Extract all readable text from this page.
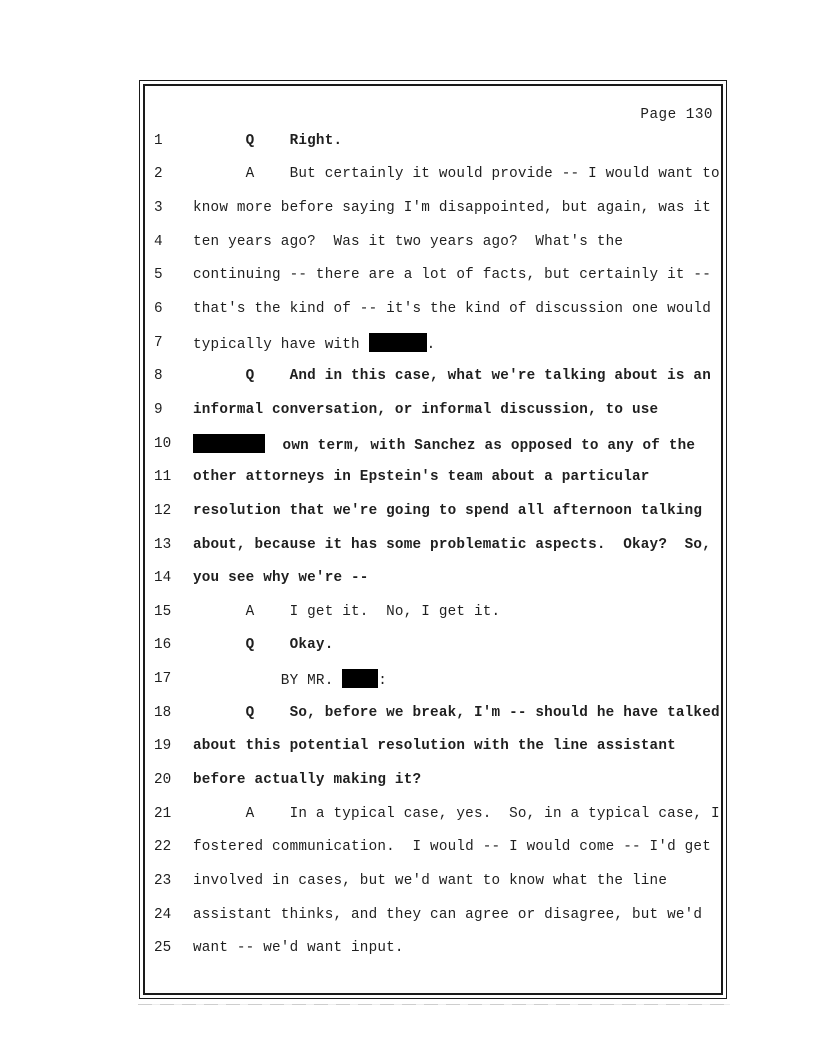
Page 130
1	Q    Right.
2	A    But certainly it would provide -- I would want to
3	know more before saying I'm disappointed, but again, was it
4	ten years ago?  Was it two years ago?  What's the
5	continuing -- there are a lot of facts, but certainly it --
6	that's the kind of -- it's the kind of discussion one would
7	typically have with	.
8	Q    And in this case, what we're talking about is an
9	informal conversation, or informal discussion, to use
10	own term, with Sanchez as opposed to any of the
11	other attorneys in Epstein's team about a particular
12	resolution that we're going to spend all afternoon talking
13	about, because it has some problematic aspects.  Okay?  So,
14	you see why we're --
15	A    I get it.  No, I get it.
16	Q    Okay.
17	BY MR.	:
18	Q    So, before we break, I'm -- should he have talked
19	about this potential resolution with the line assistant
20	before actually making it?
21	A    In a typical case, yes.  So, in a typical case, I
22	fostered communication.  I would -- I would come -- I'd get
23	involved in cases, but we'd want to know what the line
24	assistant thinks, and they can agree or disagree, but we'd
25	want -- we'd want input.
